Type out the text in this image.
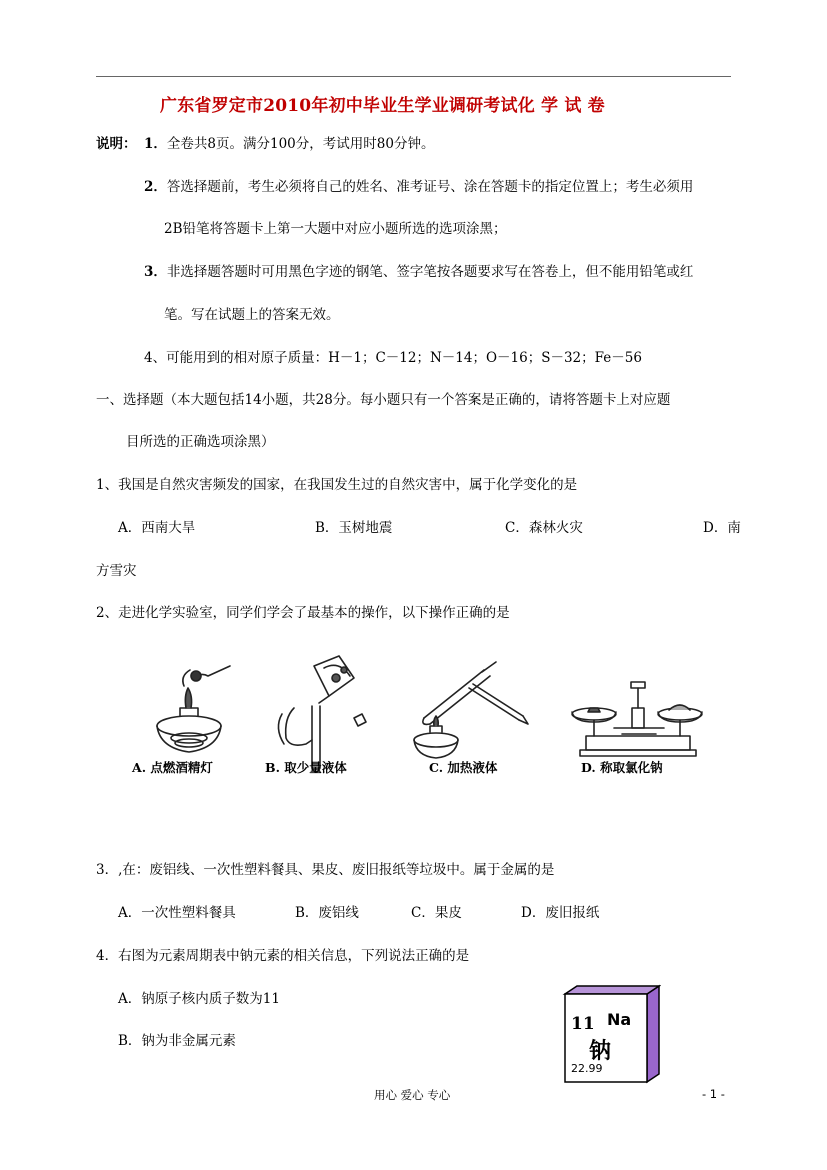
广东省罗定市2010年初中毕业生学业调研考试化 学 试 卷
说明： 1．全卷共8页。满分100分，考试用时80分钟。
2．答选择题前，考生必须将自己的姓名、准考证号、涂在答题卡的指定位置上；考生必须用
2B铅笔将答题卡上第一大题中对应小题所选的选项涂黑；
3．非选择题答题时可用黑色字迹的钢笔、签字笔按各题要求写在答卷上，但不能用铅笔或红
笔。写在试题上的答案无效。
4、可能用到的相对原子质量：H－1；C－12；N－14；O－16；S－32；Fe－56
一、选择题（本大题包括14小题，共28分。每小题只有一个答案是正确的，请将答题卡上对应题
目所选的正确选项涂黑）
1、我国是自然灾害频发的国家，在我国发生过的自然灾害中，属于化学变化的是
A．西南大旱	B．玉树地震	C．森林火灾	D．南
方雪灾
2、走进化学实验室，同学们学会了最基本的操作，以下操作正确的是
A. 点燃酒精灯	B. 取少量液体	C. 加热液体	D. 称取氯化钠
3．,在：废铝线、一次性塑料餐具、果皮、废旧报纸等垃圾中。属于金属的是
A．一次性塑料餐具	B．废铝线	C．果皮	D．废旧报纸
4．右图为元素周期表中钠元素的相关信息，下列说法正确的是
A．钠原子核内质子数为11
B．钠为非金属元素
11 Na
钠
22.99
用心 爱心 专心	- 1 -
